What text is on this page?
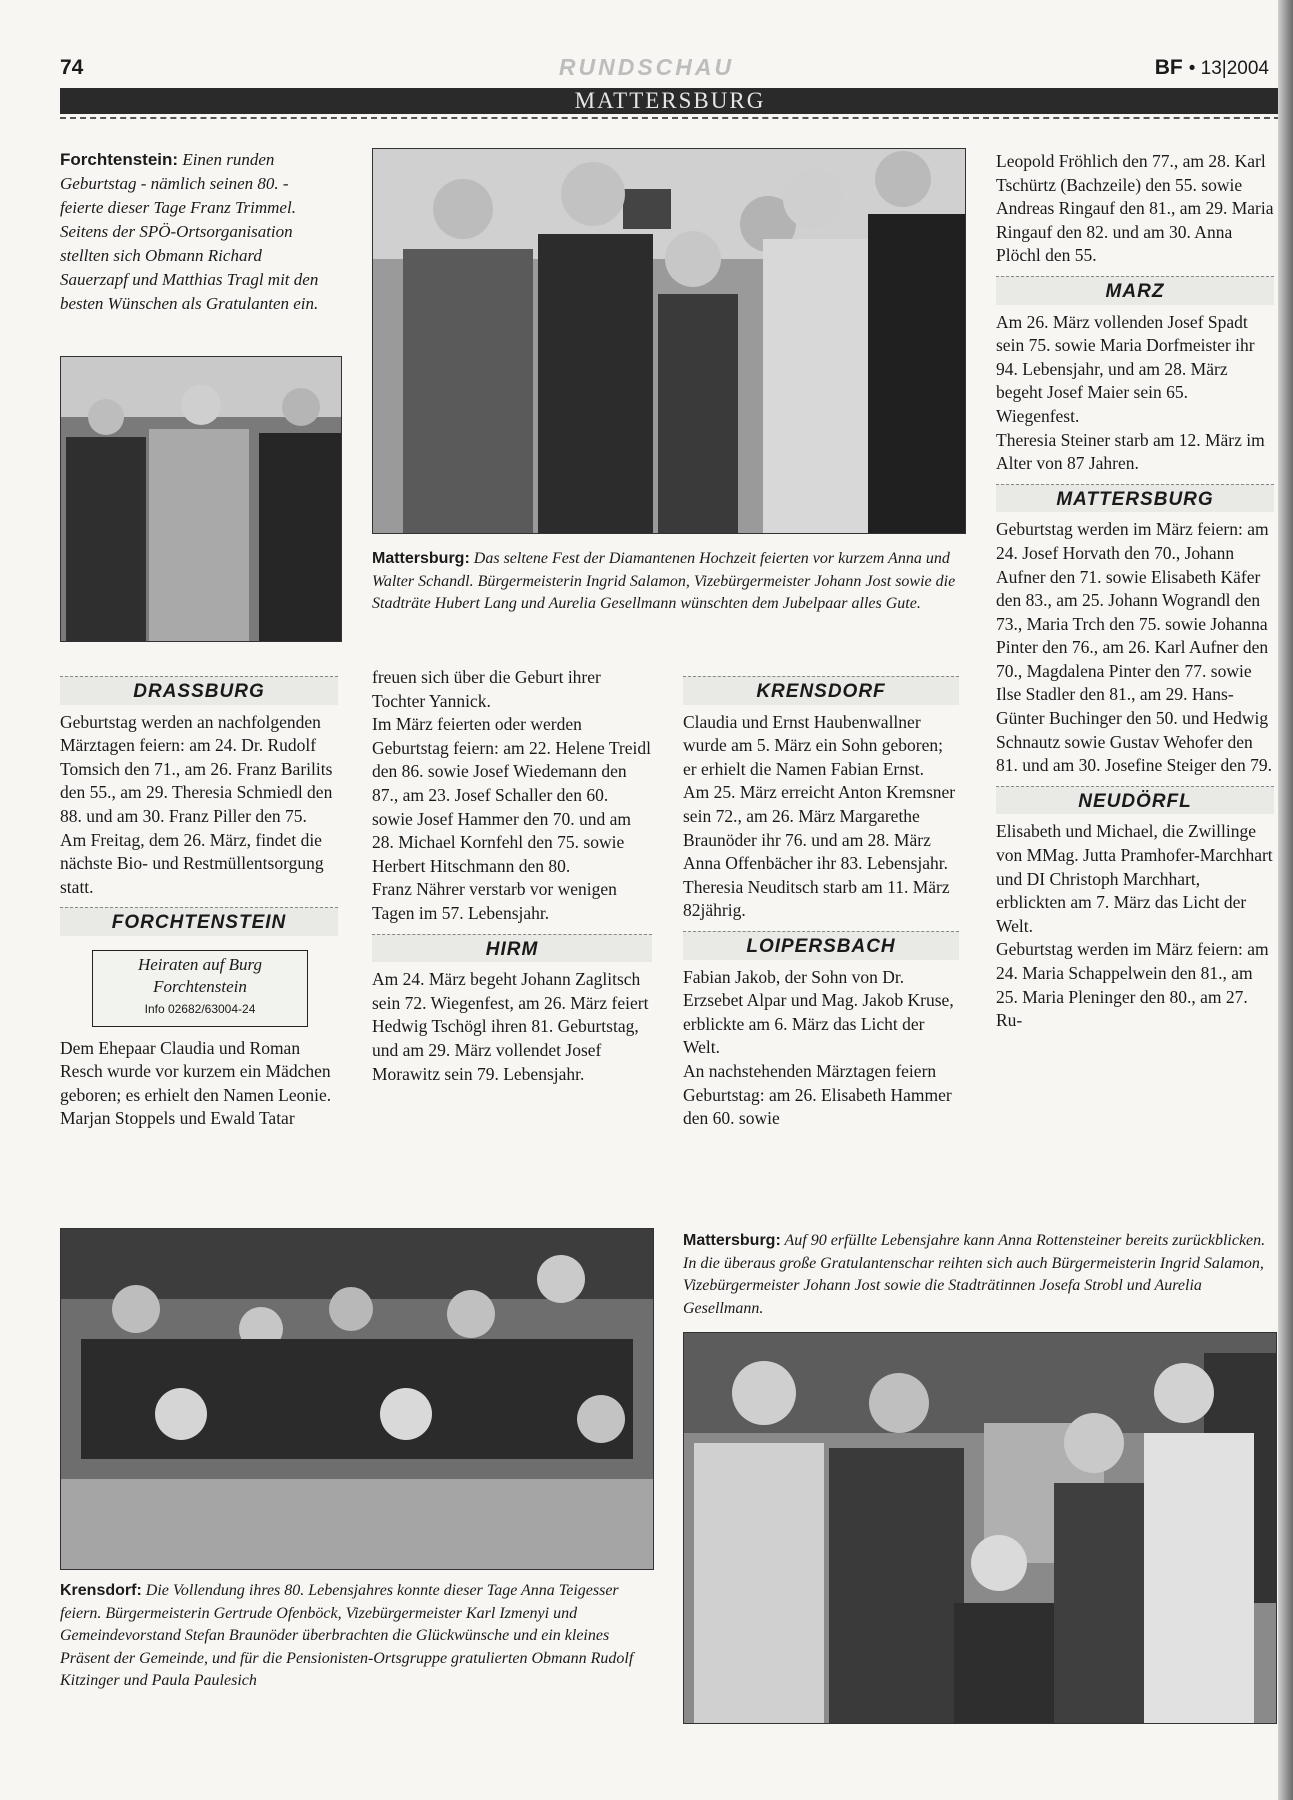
74	RUNDSCHAU	BF • 13|2004
MATTERSBURG
Forchtenstein: Einen runden Geburtstag - nämlich seinen 80. - feierte dieser Tage Franz Trimmel. Seitens der SPÖ-Ortsorganisation stellten sich Obmann Richard Sauerzapf und Matthias Tragl mit den besten Wünschen als Gratulanten ein.
Mattersburg: Das seltene Fest der Diamantenen Hochzeit feierten vor kurzem Anna und Walter Schandl. Bürgermeisterin Ingrid Salamon, Vizebürgermeister Johann Jost sowie die Stadträte Hubert Lang und Aurelia Gesellmann wünschten dem Jubelpaar alles Gute.
DRASSBURG

Geburtstag werden an nachfolgenden Märztagen feiern: am 24. Dr. Rudolf Tomsich den 71., am 26. Franz Barilits den 55., am 29. Theresia Schmiedl den 88. und am 30. Franz Piller den 75.

Am Freitag, dem 26. März, findet die nächste Bio- und Restmüllentsorgung statt.

FORCHTENSTEIN
Heiraten auf Burg
Forchtenstein
Info 02682/63004-24

Dem Ehepaar Claudia und Roman Resch wurde vor kurzem ein Mädchen geboren; es erhielt den Namen Leonie. Marjan Stoppels und Ewald Tatar

freuen sich über die Geburt ihrer Tochter Yannick.

Im März feierten oder werden Geburtstag feiern: am 22. Helene Treidl den 86. sowie Josef Wiedemann den 87., am 23. Josef Schaller den 60. sowie Josef Hammer den 70. und am 28. Michael Kornfehl den 75. sowie Herbert Hitschmann den 80.

Franz Nährer verstarb vor wenigen Tagen im 57. Lebensjahr.

HIRM

Am 24. März begeht Johann Zaglitsch sein 72. Wiegenfest, am 26. März feiert Hedwig Tschögl ihren 81. Geburtstag, und am 29. März vollendet Josef Morawitz sein 79. Lebensjahr.

KRENSDORF

Claudia und Ernst Haubenwallner wurde am 5. März ein Sohn geboren; er erhielt die Namen Fabian Ernst.

Am 25. März erreicht Anton Kremsner sein 72., am 26. März Margarethe Braunöder ihr 76. und am 28. März Anna Offenbächer ihr 83. Lebensjahr.

Theresia Neuditsch starb am 11. März 82jährig.

LOIPERSBACH

Fabian Jakob, der Sohn von Dr. Erzsebet Alpar und Mag. Jakob Kruse, erblickte am 6. März das Licht der Welt.

An nachstehenden Märztagen feiern Geburtstag: am 26. Elisabeth Hammer den 60. sowie

Leopold Fröhlich den 77., am 28. Karl Tschürtz (Bachzeile) den 55. sowie Andreas Ringauf den 81., am 29. Maria Ringauf den 82. und am 30. Anna Plöchl den 55.

MARZ

Am 26. März vollenden Josef Spadt sein 75. sowie Maria Dorfmeister ihr 94. Lebensjahr, und am 28. März begeht Josef Maier sein 65. Wiegenfest.

Theresia Steiner starb am 12. März im Alter von 87 Jahren.

MATTERSBURG

Geburtstag werden im März feiern: am 24. Josef Horvath den 70., Johann Aufner den 71. sowie Elisabeth Käfer den 83., am 25. Johann Wograndl den 73., Maria Trch den 75. sowie Johanna Pinter den 76., am 26. Karl Aufner den 70., Magdalena Pinter den 77. sowie Ilse Stadler den 81., am 29. Hans-Günter Buchinger den 50. und Hedwig Schnautz sowie Gustav Wehofer den 81. und am 30. Josefine Steiger den 79.

NEUDÖRFL

Elisabeth und Michael, die Zwillinge von MMag. Jutta Pramhofer-Marchhart und DI Christoph Marchhart, erblickten am 7. März das Licht der Welt.

Geburtstag werden im März feiern: am 24. Maria Schappelwein den 81., am 25. Maria Pleninger den 80., am 27. Ru-

Krensdorf: Die Vollendung ihres 80. Lebensjahres konnte dieser Tage Anna Teigesser feiern. Bürgermeisterin Gertrude Ofenböck, Vizebürgermeister Karl Izmenyi und Gemeindevorstand Stefan Braunöder überbrachten die Glückwünsche und ein kleines Präsent der Gemeinde, und für die Pensionisten-Ortsgruppe gratulierten Obmann Rudolf Kitzinger und Paula Paulesich
Mattersburg: Auf 90 erfüllte Lebensjahre kann Anna Rottensteiner bereits zurückblicken. In die überaus große Gratulantenschar reihten sich auch Bürgermeisterin Ingrid Salamon, Vizebürgermeister Johann Jost sowie die Stadträtinnen Josefa Strobl und Aurelia Gesellmann.
